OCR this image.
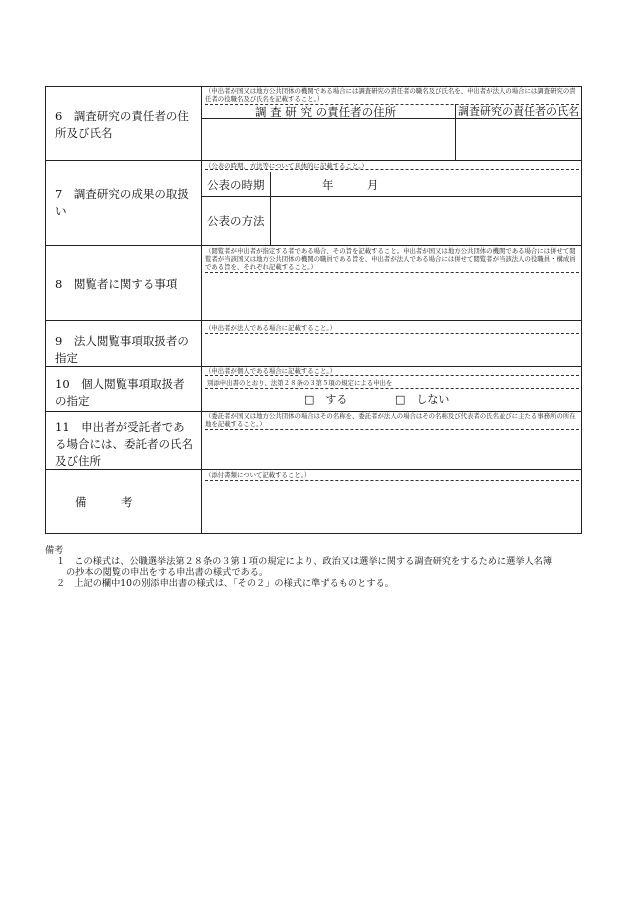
6　調査研究の責任者の住所及び氏名
（申出者が国又は地方公共団体の機関である場合には調査研究の責任者の職名及び氏名を、申出者が法人の場合には調査研究の責任者の役職名及び氏名を記載すること。）
調 査 研 究 の責任者の住所	調査研究の責任者の氏名
7　調査研究の成果の取扱い
（公表の時期、方法等について具体的に記載すること。）
公表の時期	年	月
公表の方法
8　閲覧者に関する事項
（閲覧者が申出者が指定する者である場合、その旨を記載すること。申出者が国又は地方公共団体の機関である場合には併せて閲覧者が当該国又は地方公共団体の機関の職員である旨を、申出者が法人である場合には併せて閲覧者が当該法人の役職員・構成員である旨を、それぞれ記載すること。）
9　法人閲覧事項取扱者の指定
（申出者が法人である場合に記載すること。）
10　個人閲覧事項取扱者の指定
（申出者が個人である場合に記載すること。）
別添申出書のとおり、法第２８条の３第５項の規定による申出を
□　する	□　しない
11　申出者が受託者である場合には、委託者の氏名及び住所
（委託者が国又は地方公共団体の場合はその名称を、委託者が法人の場合はその名称及び代表者の氏名並びに主たる事務所の所在地を記載すること。）
備　　　考
（添付書類について記載すること。）
備考
１　この様式は、公職選挙法第２８条の３第１項の規定により、政治又は選挙に関する調査研究をするために選挙人名簿
の抄本の閲覧の申出をする申出書の様式である。
２　上記の欄中10の別添申出書の様式は、「その２」の様式に準ずるものとする。
